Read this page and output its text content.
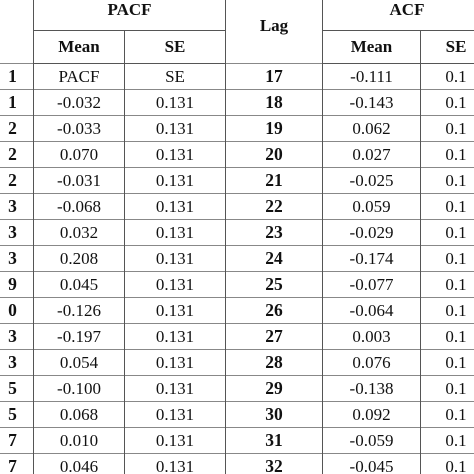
	PACF		Lag	ACF	
	Mean	SE		Mean	SE
1	PACF	SE	17	-0.111	0.1
1	-0.032	0.131	18	-0.143	0.1
2	-0.033	0.131	19	0.062	0.1
2	0.070	0.131	20	0.027	0.1
2	-0.031	0.131	21	-0.025	0.1
3	-0.068	0.131	22	0.059	0.1
3	0.032	0.131	23	-0.029	0.1
3	0.208	0.131	24	-0.174	0.1
9	0.045	0.131	25	-0.077	0.1
0	-0.126	0.131	26	-0.064	0.1
3	-0.197	0.131	27	0.003	0.1
3	0.054	0.131	28	0.076	0.1
5	-0.100	0.131	29	-0.138	0.1
5	0.068	0.131	30	0.092	0.1
7	0.010	0.131	31	-0.059	0.1
7	0.046	0.131	32	-0.045	0.1
